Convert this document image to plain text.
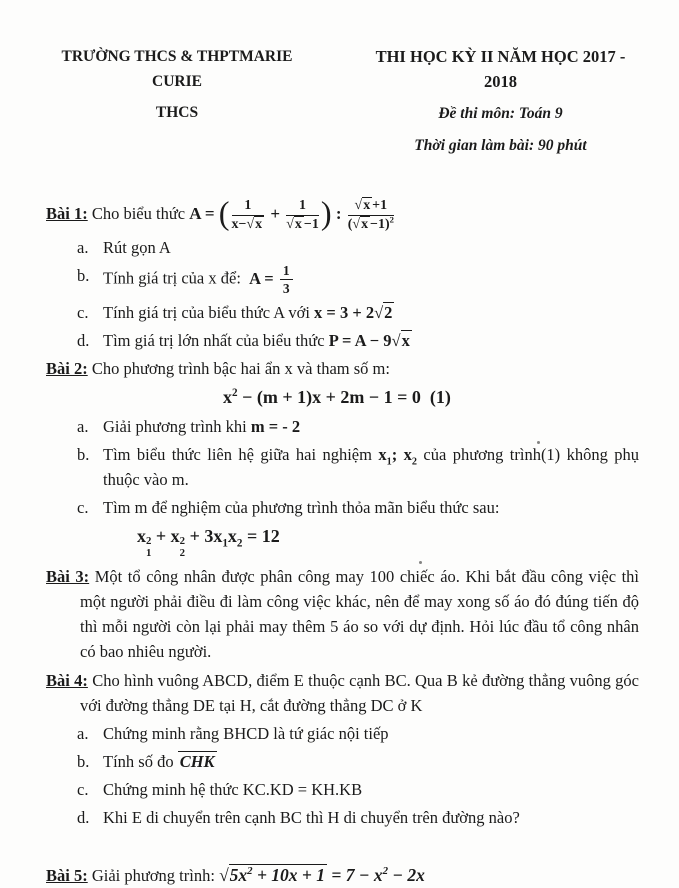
TRƯỜNG THCS & THPTMARIE CURIE
THCS
THI HỌC KỲ II NĂM HỌC 2017 - 2018
Đề thi môn: Toán 9
Thời gian làm bài: 90 phút
Bài 1: Cho biểu thức A = ( $\frac{1}{x-√x} + \frac{1}{√x -1}$ ) : $\frac{√x +1}{(√x -1)^2}$
a. Rút gọn A
b. Tính giá trị của x để:  $A = \frac{1}{3}$
c. Tính giá trị của biểu thức A với x = 3 + 2√2
d. Tìm giá trị lớn nhất của biểu thức P = A − 9√x
Bài 2: Cho phương trình bậc hai ẩn x và tham số m:
$x^2 - (m + 1)x + 2m - 1 = 0$  (1)
a. Giải phương trình khi m = - 2
b. Tìm biểu thức liên hệ giữa hai nghiệm $x_1$; $x_2$ của phương trình(1) không phụ thuộc vào m.
c. Tìm m để nghiệm của phương trình thỏa mãn biểu thức sau:
x 2
1
+ x 2
2
+ $3x_1x_2 = 12$

Bài 3: Một tổ công nhân được phân công may 100 chiếc áo. Khi bắt đầu công việc thì một người phải điều đi làm công việc khác, nên để may xong số áo đó đúng tiến độ thì mỗi người còn lại phải may thêm 5 áo so với dự định. Hỏi lúc đầu tổ công nhân có bao nhiêu người.

Bài 4: Cho hình vuông ABCD, điểm E thuộc cạnh BC. Qua B kẻ đường thẳng vuông góc với đường thẳng DE tại H, cắt đường thẳng DC ở K

a. Chứng minh rằng BHCD là tứ giác nội tiếp
b. Tính số đo CHK
c. Chứng minh hệ thức KC.KD = KH.KB
d. Khi E di chuyển trên cạnh BC thì H di chuyển trên đường nào?
Bài 5: Giải phương trình: $√5x^2 + 10x + 1 = 7 - x^2 - 2x$
